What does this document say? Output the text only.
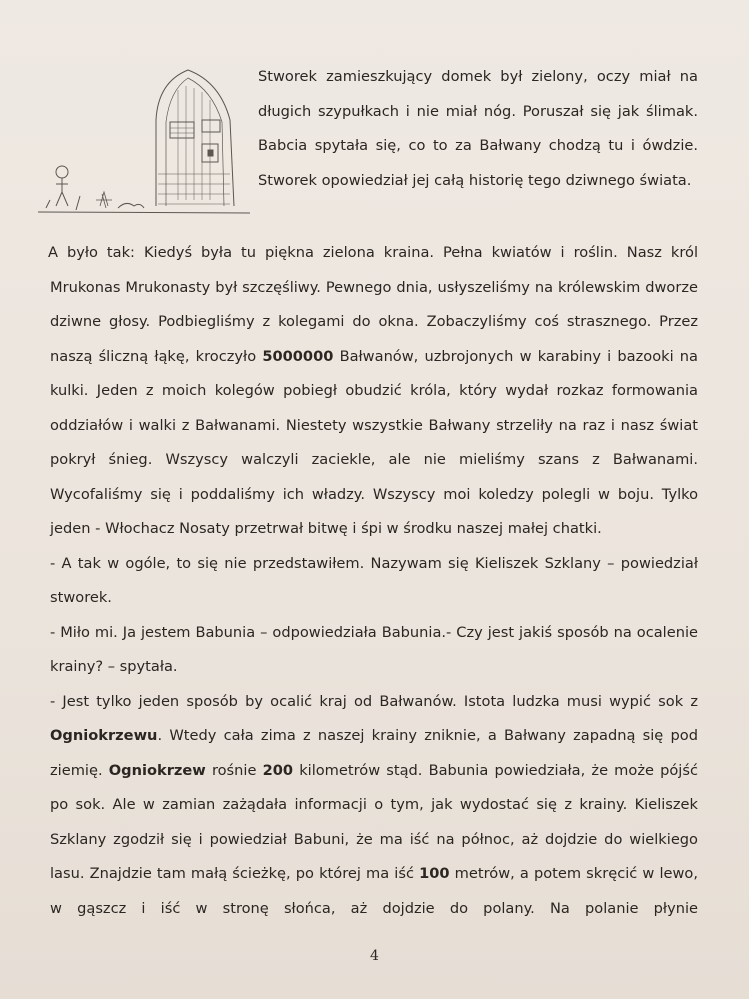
Stworek zamieszkujący domek był zielony, oczy miał na długich szypułkach i nie miał nóg. Poruszał się jak ślimak. Babcia spytała się, co to za Bałwany chodzą tu i ówdzie. Stworek opowiedział jej całą historię tego dziwnego świata.

A było tak: Kiedyś była tu piękna zielona kraina. Pełna kwiatów i roślin. Nasz król Mrukonas Mrukonasty był szczęśliwy. Pewnego dnia, usłyszeliśmy na królewskim dworze dziwne głosy. Podbiegliśmy z kolegami do okna. Zobaczyliśmy coś strasznego. Przez naszą śliczną łąkę, kroczyło 5000000 Bałwanów, uzbrojonych w karabiny i bazooki na kulki. Jeden z moich kolegów pobiegł obudzić króla, który wydał rozkaz formowania oddziałów i walki z Bałwanami. Niestety wszystkie Bałwany strzeliły na raz i nasz świat pokrył śnieg. Wszyscy walczyli zaciekle, ale nie mieliśmy szans z Bałwanami. Wycofaliśmy się i poddaliśmy ich władzy. Wszyscy moi koledzy polegli w boju. Tylko jeden - Włochacz Nosaty przetrwał bitwę i śpi w środku naszej małej chatki.

- A tak w ogóle, to się nie przedstawiłem. Nazywam się Kieliszek Szklany – powiedział stworek.

- Miło mi. Ja jestem Babunia – odpowiedziała Babunia.- Czy jest jakiś sposób na ocalenie krainy? – spytała.

- Jest tylko jeden sposób by ocalić kraj od Bałwanów. Istota ludzka musi wypić sok z Ogniokrzewu. Wtedy cała zima z naszej krainy zniknie, a Bałwany zapadną się pod ziemię. Ogniokrzew rośnie 200 kilometrów stąd. Babunia powiedziała, że może pójść po sok. Ale w zamian zażądała informacji o tym, jak wydostać się z krainy. Kieliszek Szklany zgodził się i powiedział Babuni, że ma iść na północ, aż dojdzie do wielkiego lasu. Znajdzie tam małą ścieżkę, po której ma iść 100 metrów, a potem skręcić w lewo, w gąszcz i iść w stronę słońca, aż dojdzie do polany. Na polanie płynie

4
